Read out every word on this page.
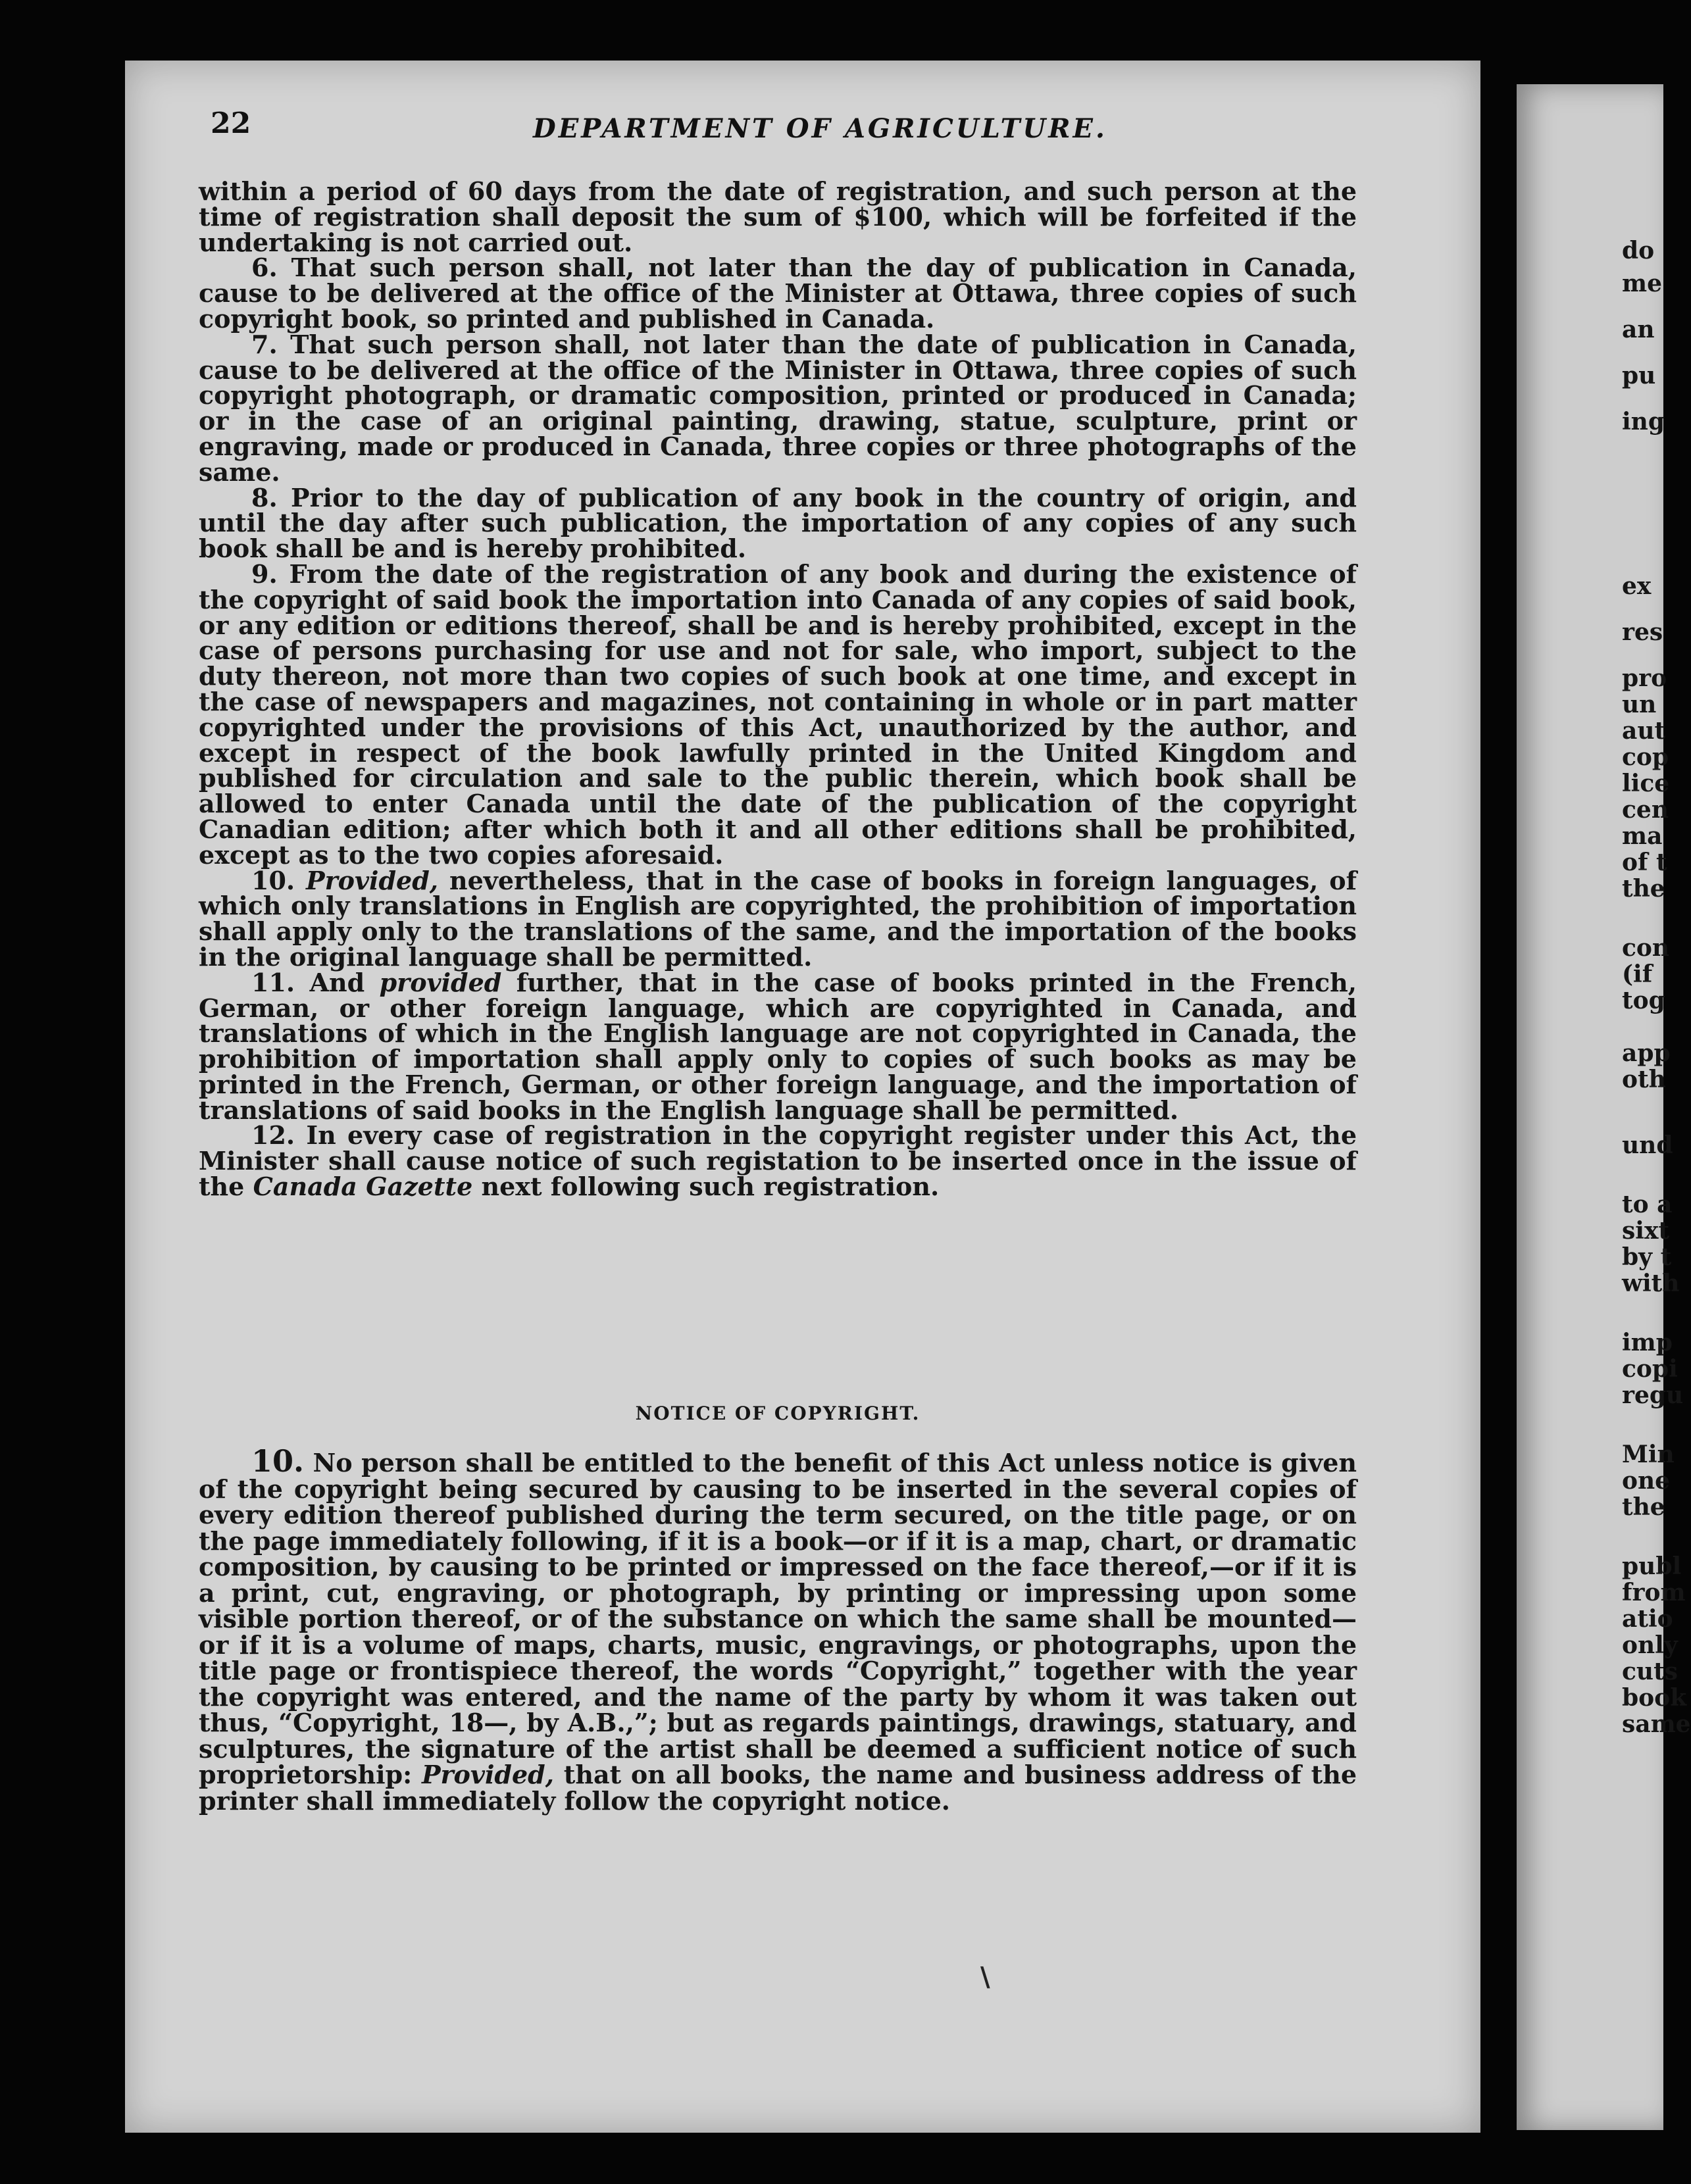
22	DEPARTMENT OF AGRICULTURE.

within a period of 60 days from the date of registration, and such person at the time of registration shall deposit the sum of $100, which will be forfeited if the undertaking is not carried out.

6. That such person shall, not later than the day of publication in Canada, cause to be delivered at the office of the Minister at Ottawa, three copies of such copyright book, so printed and published in Canada.

7. That such person shall, not later than the date of publication in Canada, cause to be delivered at the office of the Minister in Ottawa, three copies of such copyright photograph, or dramatic composition, printed or produced in Canada; or in the case of an original painting, drawing, statue, sculpture, print or engraving, made or produced in Canada, three copies or three photographs of the same.

8. Prior to the day of publication of any book in the country of origin, and until the day after such publication, the importation of any copies of any such book shall be and is hereby prohibited.

9. From the date of the registration of any book and during the existence of the copyright of said book the importation into Canada of any copies of said book, or any edition or editions thereof, shall be and is hereby prohibited, except in the case of persons purchasing for use and not for sale, who import, subject to the duty thereon, not more than two copies of such book at one time, and except in the case of newspapers and magazines, not containing in whole or in part matter copyrighted under the provisions of this Act, unauthorized by the author, and except in respect of the book lawfully printed in the United Kingdom and published for circulation and sale to the public therein, which book shall be allowed to enter Canada until the date of the publication of the copyright Canadian edition; after which both it and all other editions shall be prohibited, except as to the two copies aforesaid.

10. Provided, nevertheless, that in the case of books in foreign languages, of which only translations in English are copyrighted, the prohibition of importation shall apply only to the translations of the same, and the importation of the books in the original language shall be permitted.

11. And provided further, that in the case of books printed in the French, German, or other foreign language, which are copyrighted in Canada, and translations of which in the English language are not copyrighted in Canada, the prohibition of importation shall apply only to copies of such books as may be printed in the French, German, or other foreign language, and the importation of translations of said books in the English language shall be permitted.

12. In every case of registration in the copyright register under this Act, the Minister shall cause notice of such registation to be inserted once in the issue of the Canada Gazette next following such registration.

NOTICE OF COPYRIGHT.

10. No person shall be entitled to the benefit of this Act unless notice is given of the copyright being secured by causing to be inserted in the several copies of every edition thereof published during the term secured, on the title page, or on the page immediately following, if it is a book—or if it is a map, chart, or dramatic composition, by causing to be printed or impressed on the face thereof,—or if it is a print, cut, engraving, or photograph, by printing or impressing upon some visible portion thereof, or of the substance on which the same shall be mounted—or if it is a volume of maps, charts, music, engravings, or photographs, upon the title page or frontispiece thereof, the words “Copyright,” together with the year the copyright was entered, and the name of the party by whom it was taken out thus, “Copyright, 18—, by A.B.,”; but as regards paintings, drawings, statuary, and sculptures, the signature of the artist shall be deemed a sufficient notice of such proprietorship: Provided, that on all books, the name and business address of the printer shall immediately follow the copyright notice.

\
do
me
an
pu
ing
ex
res
pro
un
aut
cop
lice
cen
ma
of t
the
con
(if
tog
app
oth
und
to a
sixt
by t
with
imp
copi
regu
Min
one
the
publ
from
atio
only
cuts
book
same
